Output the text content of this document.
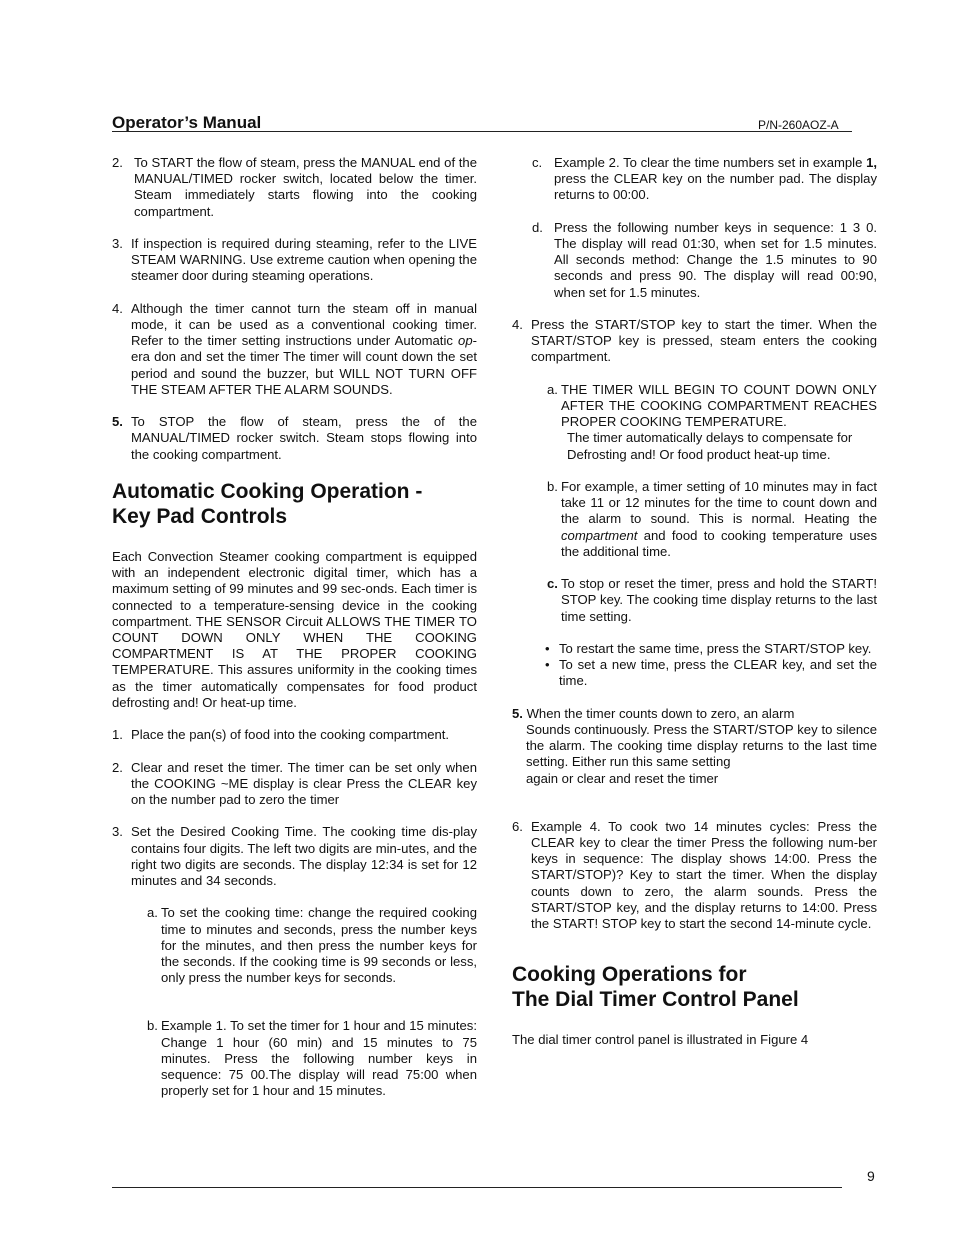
Operator’s Manual	P/N-260AOZ-A
2. To START the flow of steam, press the MANUAL end of the MANUAL/TIMED rocker switch, located below the timer. Steam immediately starts flowing into the cooking compartment.
3. If inspection is required during steaming, refer to the LIVE STEAM WARNING. Use extreme caution when opening the steamer door during steaming operations.
4. Although the timer cannot turn the steam off in manual mode, it can be used as a conventional cooking timer. Refer to the timer setting instructions under Automatic op-era don and set the timer The timer will count down the set period and sound the buzzer, but WILL NOT TURN OFF THE STEAM AFTER THE ALARM SOUNDS.
5. To STOP the flow of steam, press the of the MANUAL/TIMED rocker switch. Steam stops flowing into the cooking compartment.
Automatic Cooking Operation -
Key Pad Controls
Each Convection Steamer cooking compartment is equipped with an independent electronic digital timer, which has a maximum setting of 99 minutes and 99 sec-onds. Each timer is connected to a temperature-sensing device in the cooking compartment. THE SENSOR Circuit ALLOWS THE TIMER TO COUNT DOWN ONLY WHEN THE COOKING COMPARTMENT IS AT THE PROPER COOKING TEMPERATURE. This assures uniformity in the cooking times as the timer automatically compensates for food product defrosting and! Or heat-up time.
1. Place the pan(s) of food into the cooking compartment.
2. Clear and reset the timer. The timer can be set only when the COOKING ~ME display is clear Press the CLEAR key on the number pad to zero the timer
3. Set the Desired Cooking Time. The cooking time dis-play contains four digits. The left two digits are min-utes, and the right two digits are seconds. The display 12:34 is set for 12 minutes and 34 seconds.
a. To set the cooking time: change the required cooking time to minutes and seconds, press the number keys for the minutes, and then press the number keys for the seconds. If the cooking time is 99 seconds or less, only press the number keys for seconds.
b. Example 1. To set the timer for 1 hour and 15 minutes: Change 1 hour (60 min) and 15 minutes to 75 minutes. Press the following number keys in sequence: 75 00.The display will read 75:00 when properly set for 1 hour and 15 minutes.
c. Example 2. To clear the time numbers set in example 1, press the CLEAR key on the number pad. The display returns to 00:00.
d. Press the following number keys in sequence: 1 3 0. The display will read 01:30, when set for 1.5 minutes. All seconds method: Change the 1.5 minutes to 90 seconds and press 90. The display will read 00:90, when set for 1.5 minutes.
4. Press the START/STOP key to start the timer. When the START/STOP key is pressed, steam enters the cooking compartment.
a. THE TIMER WILL BEGIN TO COUNT DOWN ONLY AFTER THE COOKING COMPARTMENT REACHES PROPER COOKING TEMPERATURE.

The timer automatically delays to compensate for Defrosting and! Or food product heat-up time.
b. For example, a timer setting of 10 minutes may in fact take 11 or 12 minutes for the time to count down and the alarm to sound. This is normal. Heating the compartment and food to cooking temperature uses the additional time.
c. To stop or reset the timer, press and hold the START! STOP key. The cooking time display returns to the last time setting.
• To restart the same time, press the START/STOP key.
• To set a new time, press the CLEAR key, and set the time.
5. When the timer counts down to zero, an alarm
Sounds continuously. Press the START/STOP key to silence the alarm. The cooking time display returns to the last time setting. Either run this same setting
again or clear and reset the timer
6. Example 4. To cook two 14 minutes cycles: Press the CLEAR key to clear the timer Press the following num-ber keys in sequence: The display shows 14:00. Press the START/STOP)? Key to start the timer. When the display counts down to zero, the alarm sounds. Press the START/STOP key, and the display returns to 14:00. Press the START! STOP key to start the second 14-minute cycle.
Cooking Operations for
The Dial Timer Control Panel
The dial timer control panel is illustrated in Figure 4
9
